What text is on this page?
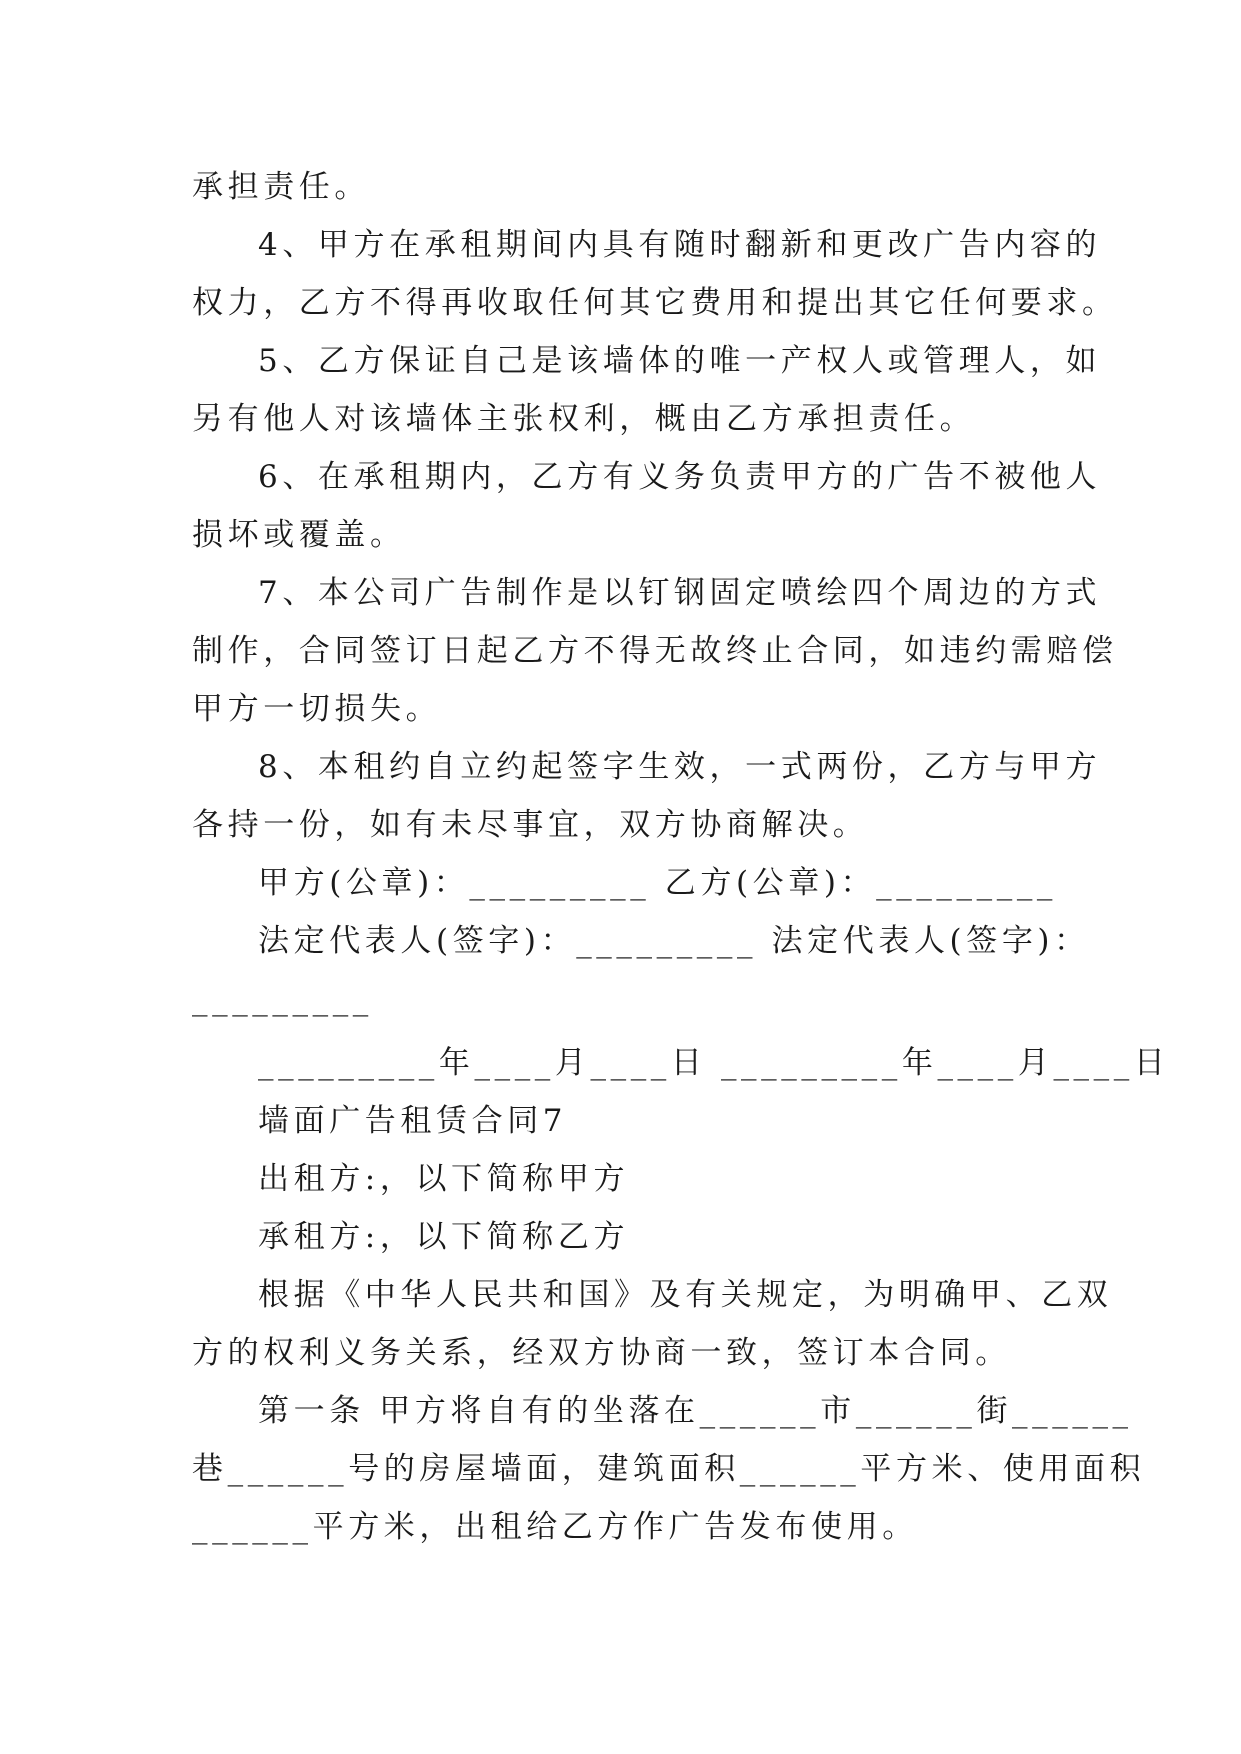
承担责任。
4、甲方在承租期间内具有随时翻新和更改广告内容的
权力，乙方不得再收取任何其它费用和提出其它任何要求。
5、乙方保证自己是该墙体的唯一产权人或管理人，如
另有他人对该墙体主张权利，概由乙方承担责任。
6、在承租期内，乙方有义务负责甲方的广告不被他人
损坏或覆盖。
7、本公司广告制作是以钉钢固定喷绘四个周边的方式
制作，合同签订日起乙方不得无故终止合同，如违约需赔偿
甲方一切损失。
8、本租约自立约起签字生效，一式两份，乙方与甲方
各持一份，如有未尽事宜，双方协商解决。
甲方(公章)：_________ 乙方(公章)：_________
法定代表人(签字)：_________ 法定代表人(签字)：
_________
_________年____月____日 _________年____月____日
墙面广告租赁合同7
出租方:，以下简称甲方
承租方:，以下简称乙方
根据《中华人民共和国》及有关规定，为明确甲、乙双
方的权利义务关系，经双方协商一致，签订本合同。
第一条 甲方将自有的坐落在______市______街______
巷______号的房屋墙面，建筑面积______平方米、使用面积
______平方米，出租给乙方作广告发布使用。
